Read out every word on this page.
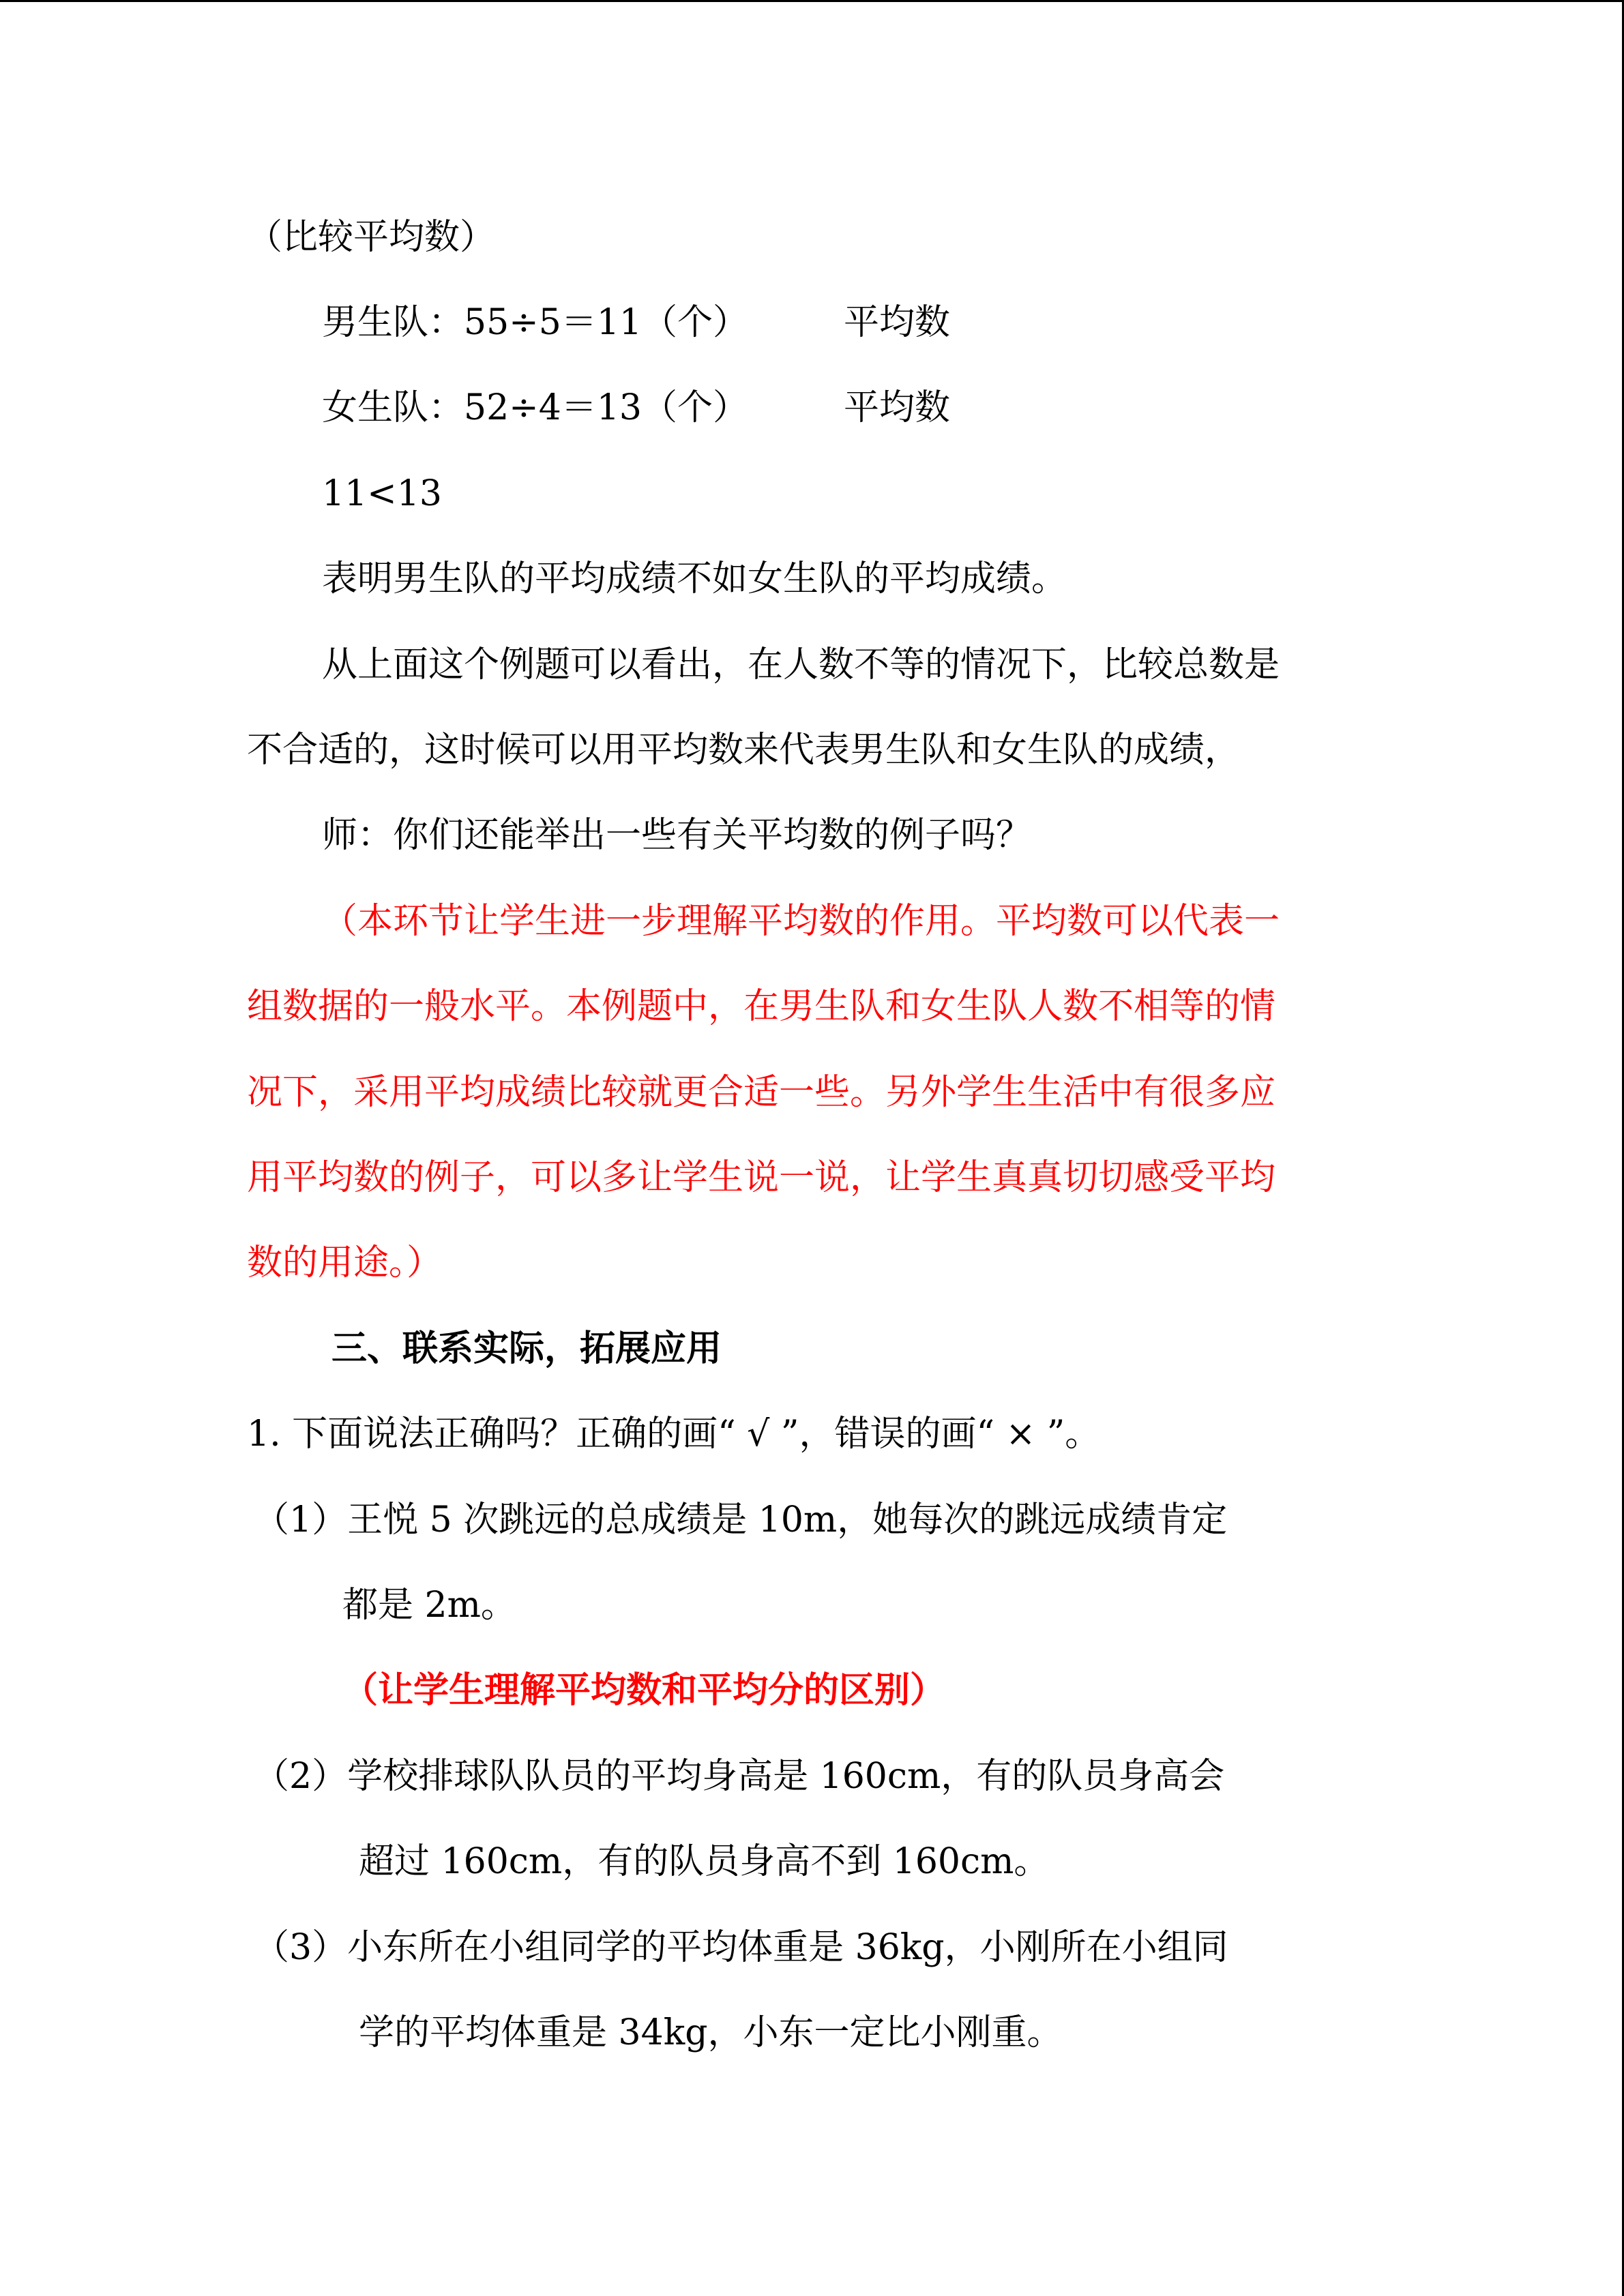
（比较平均数）

男生队：55÷5＝11（个）	平均数

女生队：52÷4＝13（个）	平均数

11<13

表明男生队的平均成绩不如女生队的平均成绩。

从上面这个例题可以看出，在人数不等的情况下，比较总数是

不合适的，这时候可以用平均数来代表男生队和女生队的成绩，

师：你们还能举出一些有关平均数的例子吗？

（本环节让学生进一步理解平均数的作用。平均数可以代表一

组数据的一般水平。本例题中，在男生队和女生队人数不相等的情

况下，采用平均成绩比较就更合适一些。另外学生生活中有很多应

用平均数的例子，可以多让学生说一说，让学生真真切切感受平均

数的用途。）

三、联系实际，拓展应用

1. 下面说法正确吗？正确的画“ √ ”，错误的画“ × ”。

（1）王悦 5 次跳远的总成绩是 10m，她每次的跳远成绩肯定

都是 2m。

（让学生理解平均数和平均分的区别）

（2）学校排球队队员的平均身高是 160cm，有的队员身高会

超过 160cm，有的队员身高不到 160cm。

（3）小东所在小组同学的平均体重是 36kg，小刚所在小组同

学的平均体重是 34kg，小东一定比小刚重。
